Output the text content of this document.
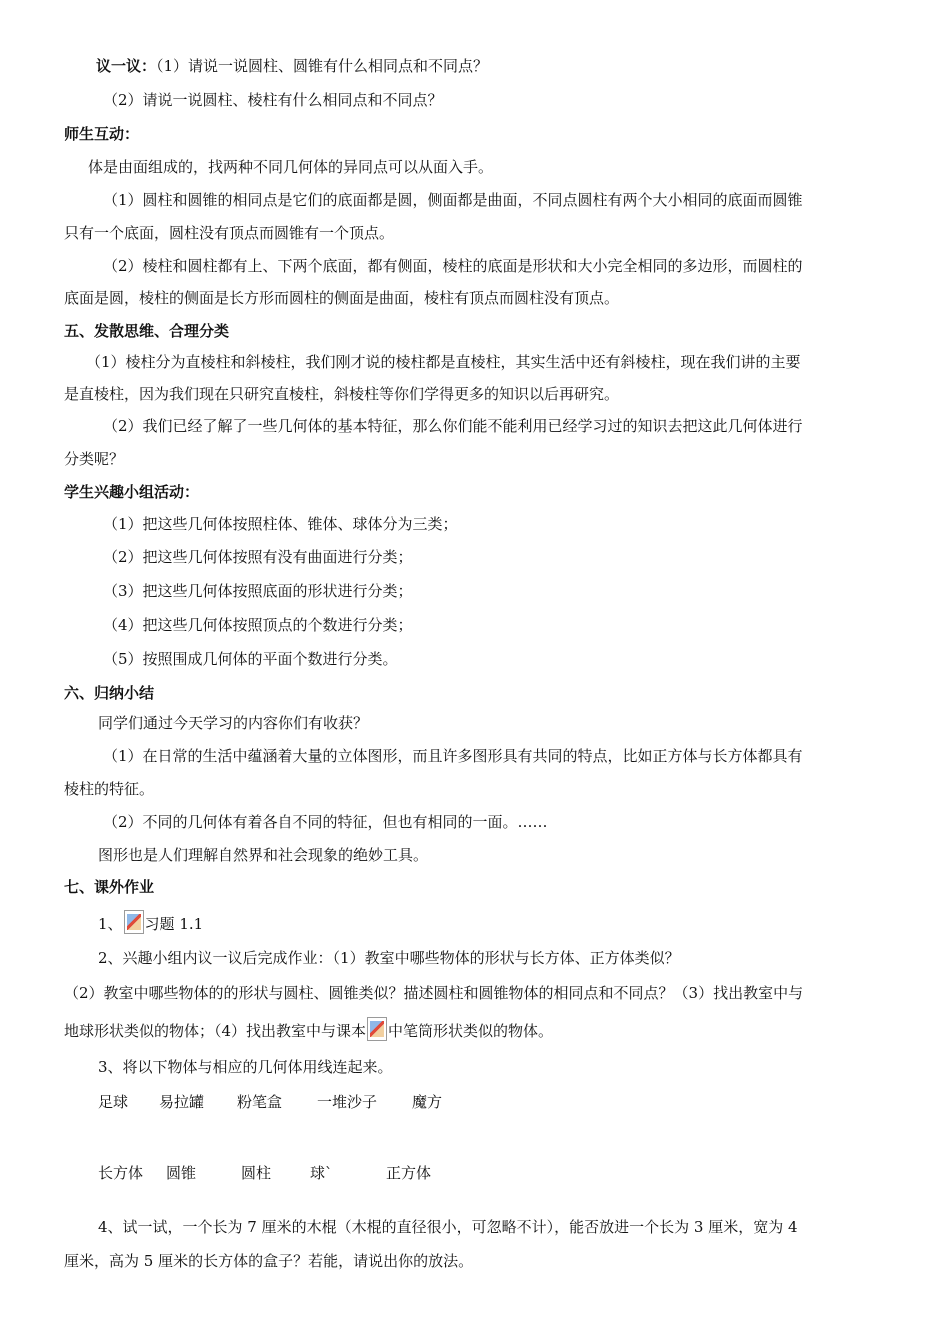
议一议：（1）请说一说圆柱、圆锥有什么相同点和不同点？
（2）请说一说圆柱、棱柱有什么相同点和不同点？
师生互动：
体是由面组成的，找两种不同几何体的异同点可以从面入手。
（1）圆柱和圆锥的相同点是它们的底面都是圆，侧面都是曲面，不同点圆柱有两个大小相同的底面而圆锥
只有一个底面，圆柱没有顶点而圆锥有一个顶点。
（2）棱柱和圆柱都有上、下两个底面，都有侧面，棱柱的底面是形状和大小完全相同的多边形，而圆柱的
底面是圆，棱柱的侧面是长方形而圆柱的侧面是曲面，棱柱有顶点而圆柱没有顶点。
五、发散思维、合理分类
（1）棱柱分为直棱柱和斜棱柱，我们刚才说的棱柱都是直棱柱，其实生活中还有斜棱柱，现在我们讲的主要
是直棱柱，因为我们现在只研究直棱柱，斜棱柱等你们学得更多的知识以后再研究。
（2）我们已经了解了一些几何体的基本特征，那么你们能不能利用已经学习过的知识去把这此几何体进行
分类呢？
学生兴趣小组活动：
（1）把这些几何体按照柱体、锥体、球体分为三类；
（2）把这些几何体按照有没有曲面进行分类；
（3）把这些几何体按照底面的形状进行分类；
（4）把这些几何体按照顶点的个数进行分类；
（5）按照围成几何体的平面个数进行分类。
六、归纳小结
同学们通过今天学习的内容你们有收获？
（1）在日常的生活中蕴涵着大量的立体图形，而且许多图形具有共同的特点，比如正方体与长方体都具有
棱柱的特征。
（2）不同的几何体有着各自不同的特征，但也有相同的一面。……
图形也是人们理解自然界和社会现象的绝妙工具。
七、课外作业
1、 习题 1.1
2、兴趣小组内议一议后完成作业：（1）教室中哪些物体的形状与长方体、正方体类似？
（2）教室中哪些物体的的形状与圆柱、圆锥类似？描述圆柱和圆锥物体的相同点和不同点？（3）找出教室中与
地球形状类似的物体；（4）找出教室中与课本 中笔筒形状类似的物体。
3、将以下物体与相应的几何体用线连起来。
足球 易拉罐 粉笔盒 一堆沙子 魔方
长方体 圆锥	圆柱	球`	正方体
4、试一试，一个长为 7 厘米的木棍（木棍的直径很小，可忽略不计），能否放进一个长为 3 厘米，宽为 4
厘米，高为 5 厘米的长方体的盒子？若能，请说出你的放法。
